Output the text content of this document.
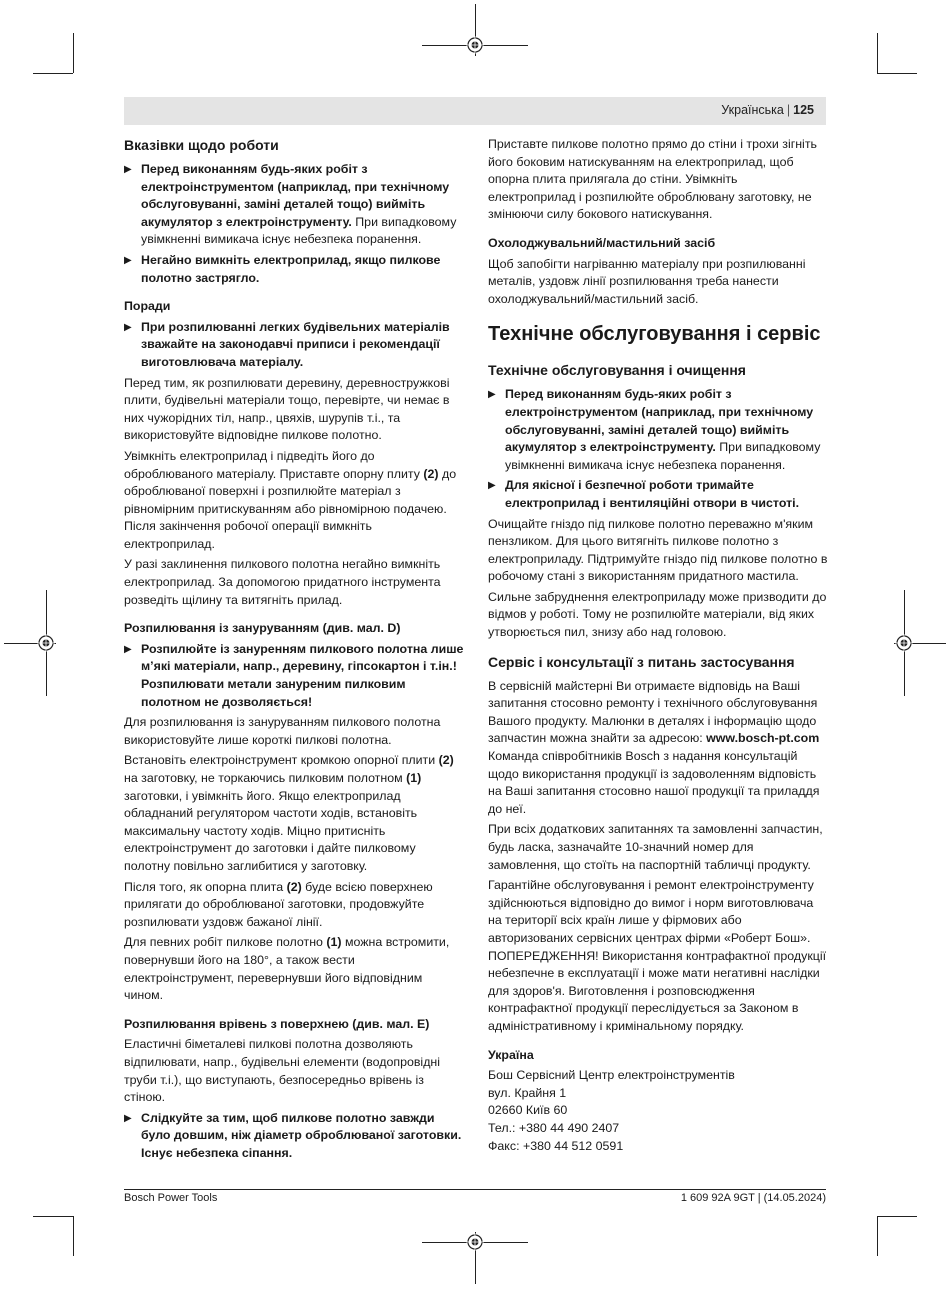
Українська | 125
Вказівки щодо роботи
▶ Перед виконанням будь-яких робіт з електроінструментом (наприклад, при технічному обслуговуванні, заміні деталей тощо) вийміть акумулятор з електроінструменту. При випадковому увімкненні вимикача існує небезпека поранення.
▶ Негайно вимкніть електроприлад, якщо пилкове полотно застрягло.
Поради
▶ При розпилюванні легких будівельних матеріалів зважайте на законодавчі приписи і рекомендації виготовлювача матеріалу.

Перед тим, як розпилювати деревину, деревностружкові плити, будівельні матеріали тощо, перевірте, чи немає в них чужорідних тіл, напр., цвяхів, шурупів т.і., та використовуйте відповідне пилкове полотно.

Увімкніть електроприлад і підведіть його до оброблюваного матеріалу. Приставте опорну плиту (2) до оброблюваної поверхні і розпилюйте матеріал з рівномірним притискуванням або рівномірною подачею. Після закінчення робочої операції вимкніть електроприлад.

У разі заклинення пилкового полотна негайно вимкніть електроприлад. За допомогою придатного інструмента розведіть щілину та витягніть прилад.

Розпилювання із зануруванням (див. мал. D)
▶ Розпилюйте із зануренням пилкового полотна лише м’які матеріали, напр., деревину, гіпсокартон і т.ін.! Розпилювати метали зануреним пилковим полотном не дозволяється!

Для розпилювання із зануруванням пилкового полотна використовуйте лише короткі пилкові полотна.

Встановіть електроінструмент кромкою опорної плити (2) на заготовку, не торкаючись пилковим полотном (1) заготовки, і увімкніть його. Якщо електроприлад обладнаний регулятором частоти ходів, встановіть максимальну частоту ходів. Міцно притисніть електроінструмент до заготовки і дайте пилковому полотну повільно заглибитися у заготовку.

Після того, як опорна плита (2) буде всією поверхнею прилягати до оброблюваної заготовки, продовжуйте розпилювати уздовж бажаної лінії.

Для певних робіт пилкове полотно (1) можна встромити, повернувши його на 180°, а також вести електроінструмент, перевернувши його відповідним чином.

Розпилювання врівень з поверхнею (див. мал. E)

Еластичні біметалеві пилкові полотна дозволяють відпилювати, напр., будівельні елементи (водопровідні труби т.і.), що виступають, безпосередньо врівень із стіною.

▶ Слідкуйте за тим, щоб пилкове полотно завжди було довшим, ніж діаметр оброблюваної заготовки. Існує небезпека сіпання.

Приставте пилкове полотно прямо до стіни і трохи зігніть його боковим натискуванням на електроприлад, щоб опорна плита прилягала до стіни. Увімкніть електроприлад і розпилюйте оброблювану заготовку, не змінюючи силу бокового натискування.

Охолоджувальний/мастильний засіб

Щоб запобігти нагріванню матеріалу при розпилюванні металів, уздовж лінії розпилювання треба нанести охолоджувальний/мастильний засіб.

Технічне обслуговування і сервіс
Технічне обслуговування і очищення
▶ Перед виконанням будь-яких робіт з електроінструментом (наприклад, при технічному обслуговуванні, заміні деталей тощо) вийміть акумулятор з електроінструменту. При випадковому увімкненні вимикача існує небезпека поранення.
▶ Для якісної і безпечної роботи тримайте електроприлад і вентиляційні отвори в чистоті.

Очищайте гніздо під пилкове полотно переважно м'яким пензликом. Для цього витягніть пилкове полотно з електроприладу. Підтримуйте гніздо під пилкове полотно в робочому стані з використанням придатного мастила.

Сильне забруднення електроприладу може призводити до відмов у роботі. Тому не розпилюйте матеріали, від яких утворюється пил, знизу або над головою.

Сервіс і консультації з питань застосування

В сервісній майстерні Ви отримаєте відповідь на Ваші запитання стосовно ремонту і технічного обслуговування Вашого продукту. Малюнки в деталях і інформацію щодо запчастин можна знайти за адресою: www.bosch-pt.com
Команда співробітників Bosch з надання консультацій щодо використання продукції із задоволенням відповість на Ваші запитання стосовно нашої продукції та приладдя до неї.

При всіх додаткових запитаннях та замовленні запчастин, будь ласка, зазначайте 10-значний номер для замовлення, що стоїть на паспортній табличці продукту.

Гарантійне обслуговування і ремонт електроінструменту здійснюються відповідно до вимог і норм виготовлювача на території всіх країн лише у фірмових або авторизованих сервісних центрах фірми «Роберт Бош». ПОПЕРЕДЖЕННЯ! Використання контрафактної продукції небезпечне в експлуатації і може мати негативні наслідки для здоров'я. Виготовлення і розповсюдження контрафактної продукції переслідується за Законом в адміністративному і кримінальному порядку.

Україна

Бош Сервісний Центр електроінструментів

вул. Крайня 1

02660 Київ 60

Тел.: +380 44 490 2407

Факс: +380 44 512 0591

Bosch Power Tools	1 609 92A 9GT | (14.05.2024)
